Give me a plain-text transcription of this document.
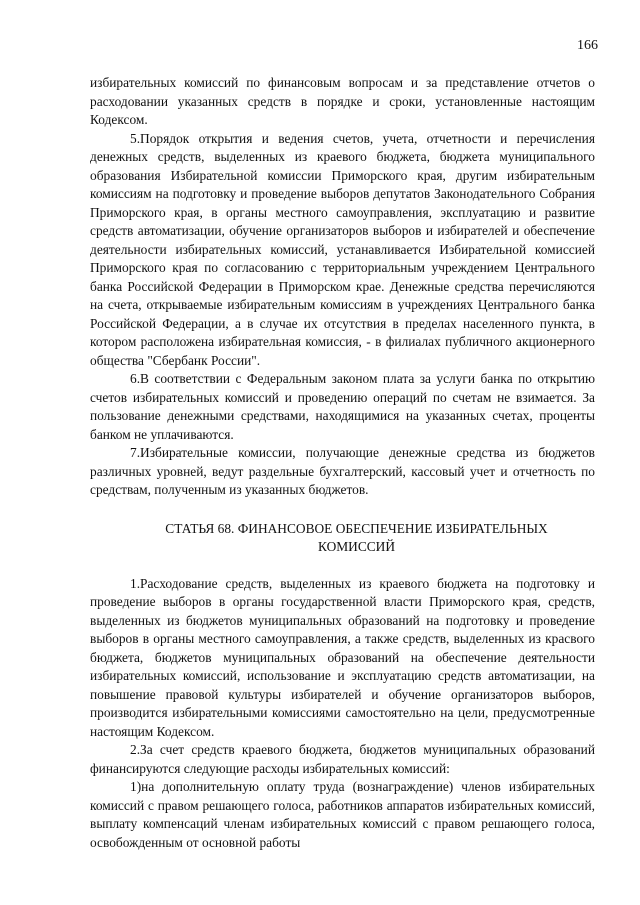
166

избирательных комиссий по финансовым вопросам и за представление отчетов о расходовании указанных средств в порядке и сроки, установленные настоящим Кодексом.

5.Порядок открытия и ведения счетов, учета, отчетности и перечисления денежных средств, выделенных из краевого бюджета, бюджета муниципального образования Избирательной комиссии Приморского края, другим избирательным комиссиям на подготовку и проведение выборов депутатов Законодательного Собрания Приморского края, в органы местного самоуправления, эксплуатацию и развитие средств автоматизации, обучение организаторов выборов и избирателей и обеспечение деятельности избирательных комиссий, устанавливается Избирательной комиссией Приморского края по согласованию с территориальным учреждением Центрального банка Российской Федерации в Приморском крае. Денежные средства перечисляются на счета, открываемые избирательным комиссиям в учреждениях Центрального банка Российской Федерации, а в случае их отсутствия в пределах населенного пункта, в котором расположена избирательная комиссия, - в филиалах публичного акционерного общества "Сбербанк России".

6.В соответствии с Федеральным законом плата за услуги банка по открытию счетов избирательных комиссий и проведению операций по счетам не взимается. За пользование денежными средствами, находящимися на указанных счетах, проценты банком не уплачиваются.

7.Избирательные комиссии, получающие денежные средства из бюджетов различных уровней, ведут раздельные бухгалтерский, кассовый учет и отчетность по средствам, полученным из указанных бюджетов.

СТАТЬЯ 68. ФИНАНСОВОЕ ОБЕСПЕЧЕНИЕ ИЗБИРАТЕЛЬНЫХ
КОМИССИЙ

1.Расходование средств, выделенных из краевого бюджета на подготовку и проведение выборов в органы государственной власти Приморского края, средств, выделенных из бюджетов муниципальных образований на подготовку и проведение выборов в органы местного самоуправления, а также средств, выделенных из красвого бюджета, бюджетов муниципальных образований на обеспечение деятельности избирательных комиссий, использование и эксплуатацию средств автоматизации, на повышение правовой культуры избирателей и обучение организаторов выборов, производится избирательными комиссиями самостоятельно на цели, предусмотренные настоящим Кодексом.

2.За счет средств краевого бюджета, бюджетов муниципальных образований финансируются следующие расходы избирательных комиссий:

1)на дополнительную оплату труда (вознаграждение) членов избирательных комиссий с правом решающего голоса, работников аппаратов избирательных комиссий, выплату компенсаций членам избирательных комиссий с правом решающего голоса, освобожденным от основной работы
